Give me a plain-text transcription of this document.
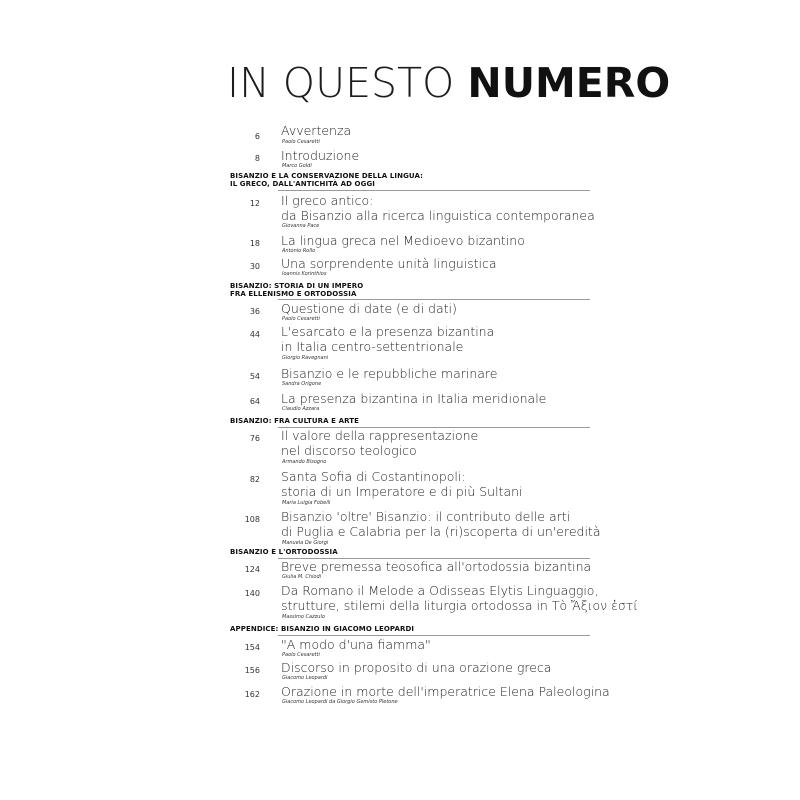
IN QUESTO NUMERO
6 Avvertenza
Paolo Cesaretti
8 Introduzione
Marco Goldi
BISANZIO E LA CONSERVAZIONE DELLA LINGUA:
IL GRECO, DALL'ANTICHITÀ AD OGGI
12 Il greco antico:
da Bisanzio alla ricerca linguistica contemporanea
Giovanna Pace
18 La lingua greca nel Medioevo bizantino
Antonio Rollo
30 Una sorprendente unità linguistica
Ioannis Korinthios
BISANZIO: STORIA DI UN IMPERO
FRA ELLENISMO E ORTODOSSIA
36 Questione di date (e di dati)
Paolo Cesaretti
44 L'esarcato e la presenza bizantina
in Italia centro-settentrionale
Giorgio Ravegnani
54 Bisanzio e le repubbliche marinare
Sandra Origone
64 La presenza bizantina in Italia meridionale
Claudio Azzara
BISANZIO: FRA CULTURA E ARTE
76 Il valore della rappresentazione
nel discorso teologico
Armando Bisogno
82 Santa Sofia di Costantinopoli:
storia di un Imperatore e di più Sultani
Maria Luigia Fobelli
108 Bisanzio 'oltre' Bisanzio: il contributo delle arti
di Puglia e Calabria per la (ri)scoperta di un'eredità
Manuela De Giorgi
BISANZIO E L'ORTODOSSIA
124 Breve premessa teosofica all'ortodossia bizantina
Giulia M. Chiodi
140 Da Romano il Melode a Odisseas Elytis Linguaggio,
strutture, stilemi della liturgia ortodossa in Τὸ Ἄξιον ἐστί
Massimo Cazzulo
APPENDICE: BISANZIO IN GIACOMO LEOPARDI
154 "A modo d'una fiamma"
Paolo Cesaretti
156 Discorso in proposito di una orazione greca
Giacomo Leopardi
162 Orazione in morte dell'imperatrice Elena Paleologina
Giacomo Leopardi da Giorgio Gemisto Pletone
